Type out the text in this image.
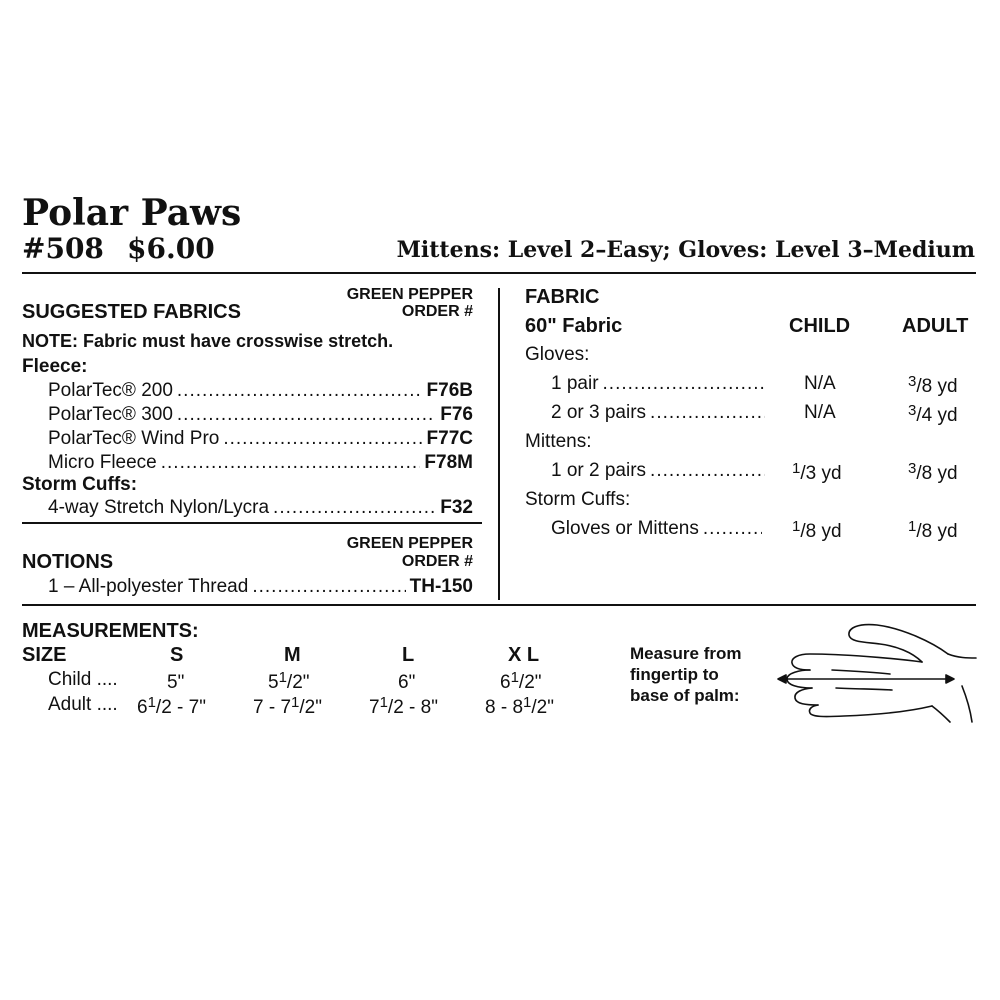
Polar Paws
#508 $6.00	Mittens: Level 2–Easy; Gloves: Level 3–Medium
SUGGESTED FABRICS
GREEN PEPPER
ORDER #
NOTE: Fabric must have crosswise stretch.
Fleece:
PolarTec® 200 .....	F76B
PolarTec® 300 .....	F76
PolarTec® Wind Pro .....	F77C
Micro Fleece .....	F78M
Storm Cuffs:
4-way Stretch Nylon/Lycra .....	F32
NOTIONS
GREEN PEPPER
ORDER #
1 – All-polyester Thread .....	TH-150
FABRIC
60" Fabric	CHILD	ADULT
Gloves:
1 pair .....	N/A	$^3$/8 yd
2 or 3 pairs .....	N/A	$^3$/4 yd
Mittens:
1 or 2 pairs .....	$^1$/3 yd	$^3$/8 yd
Storm Cuffs:
Gloves or Mittens .....	$^1$/8 yd	$^1$/8 yd
MEASUREMENTS:
SIZE	S	M	L	X L
Child ....	5"	$5^1/2$"	6"	$6^1/2$"
Adult .... $6^1/2 - 7$" $7 - 7^1/2$" $7^1/2 - 8$" $8 - 8^1/2$"
Measure from
fingertip to
base of palm:
